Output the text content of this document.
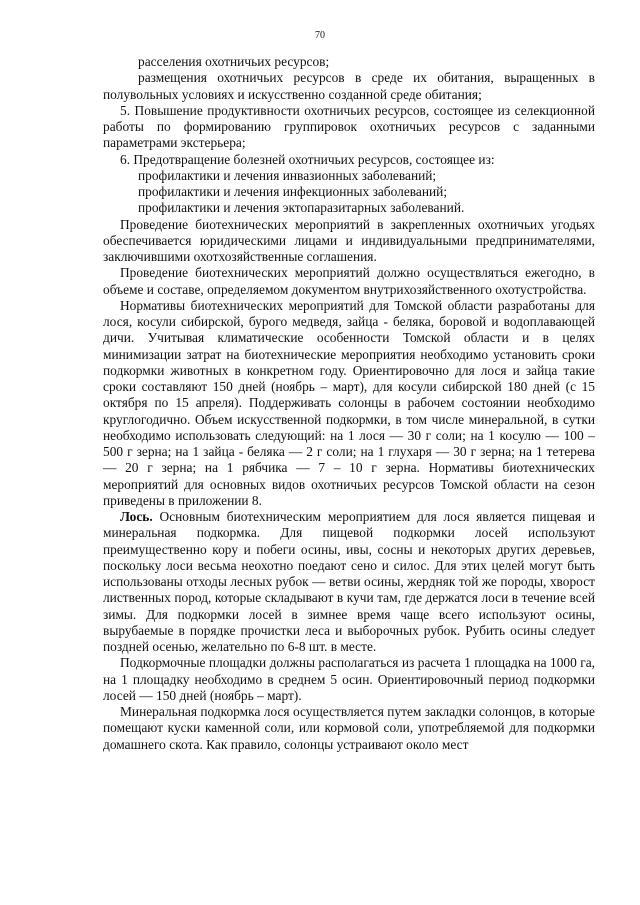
70

расселения охотничьих ресурсов;

размещения охотничьих ресурсов в среде их обитания, выращенных в полувольных условиях и искусственно созданной среде обитания;

5. Повышение продуктивности охотничьих ресурсов, состоящее из селекционной работы по формированию группировок охотничьих ресурсов с заданными параметрами экстерьера;

6. Предотвращение болезней охотничьих ресурсов, состоящее из:

профилактики и лечения инвазионных заболеваний;

профилактики и лечения инфекционных заболеваний;

профилактики и лечения эктопаразитарных заболеваний.

Проведение биотехнических мероприятий в закрепленных охотничьих угодьях обеспечивается юридическими лицами и индивидуальными предпринимателями, заключившими охотхозяйственные соглашения.

Проведение биотехнических мероприятий должно осуществляться ежегодно, в объеме и составе, определяемом документом внутрихозяйственного охотустройства.

Нормативы биотехнических мероприятий для Томской области разработаны для лося, косули сибирской, бурого медведя, зайца - беляка, боровой и водоплавающей дичи. Учитывая климатические особенности Томской области и в целях минимизации затрат на биотехнические мероприятия необходимо установить сроки подкормки животных в конкретном году. Ориентировочно для лося и зайца такие сроки составляют 150 дней (ноябрь – март), для косули сибирской 180 дней (с 15 октября по 15 апреля). Поддерживать солонцы в рабочем состоянии необходимо круглогодично. Объем искусственной подкормки, в том числе минеральной, в сутки необходимо использовать следующий: на 1 лося — 30 г соли; на 1 косулю — 100 – 500 г зерна; на 1 зайца - беляка — 2 г соли; на 1 глухаря — 30 г зерна; на 1 тетерева — 20 г зерна; на 1 рябчика — 7 – 10 г зерна. Нормативы биотехнических мероприятий для основных видов охотничьих ресурсов Томской области на сезон приведены в приложении 8.

Лось. Основным биотехническим мероприятием для лося является пищевая и минеральная подкормка. Для пищевой подкормки лосей используют преимущественно кору и побеги осины, ивы, сосны и некоторых других деревьев, поскольку лоси весьма неохотно поедают сено и силос. Для этих целей могут быть использованы отходы лесных рубок — ветви осины, жердняк той же породы, хворост лиственных пород, которые складывают в кучи там, где держатся лоси в течение всей зимы. Для подкормки лосей в зимнее время чаще всего используют осины, вырубаемые в порядке прочистки леса и выборочных рубок. Рубить осины следует поздней осенью, желательно по 6-8 шт. в месте.

Подкормочные площадки должны располагаться из расчета 1 площадка на 1000 га, на 1 площадку необходимо в среднем 5 осин. Ориентировочный период подкормки лосей — 150 дней (ноябрь – март).

Минеральная подкормка лося осуществляется путем закладки солонцов, в которые помещают куски каменной соли, или кормовой соли, употребляемой для подкормки домашнего скота. Как правило, солонцы устраивают около мест
